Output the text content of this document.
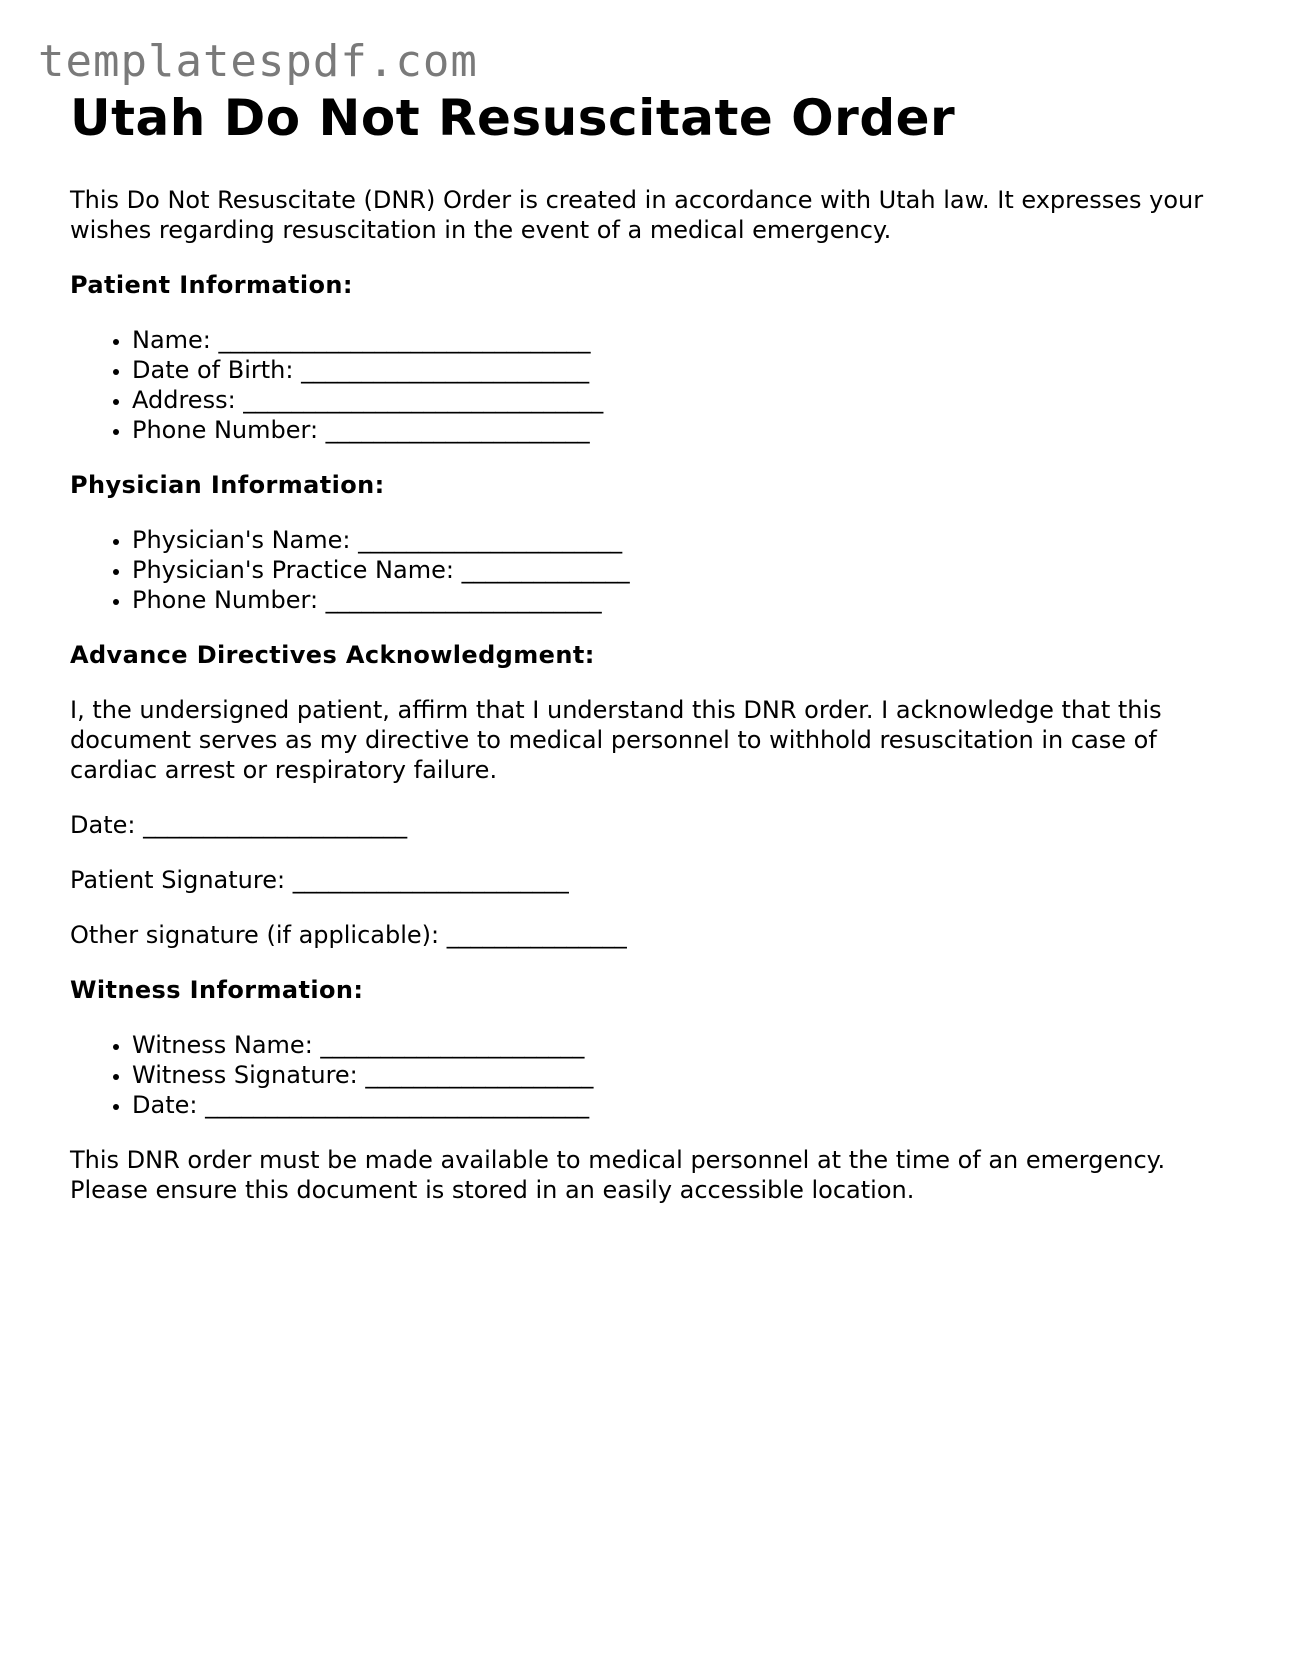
templatespdf.com
Utah Do Not Resuscitate Order

This Do Not Resuscitate (DNR) Order is created in accordance with Utah law. It expresses your wishes regarding resuscitation in the event of a medical emergency.

Patient Information:
• Name: _______________________________
• Date of Birth: ________________________
• Address: ______________________________
• Phone Number: ______________________
Physician Information:
• Physician's Name: ______________________
• Physician's Practice Name: ______________
• Phone Number: _______________________
Advance Directives Acknowledgment:

I, the undersigned patient, affirm that I understand this DNR order. I acknowledge that this document serves as my directive to medical personnel to withhold resuscitation in case of cardiac arrest or respiratory failure.

Date: ______________________

Patient Signature: _______________________

Other signature (if applicable): _______________

Witness Information:
• Witness Name: ______________________
• Witness Signature: ___________________
• Date: ________________________________

This DNR order must be made available to medical personnel at the time of an emergency. Please ensure this document is stored in an easily accessible location.
